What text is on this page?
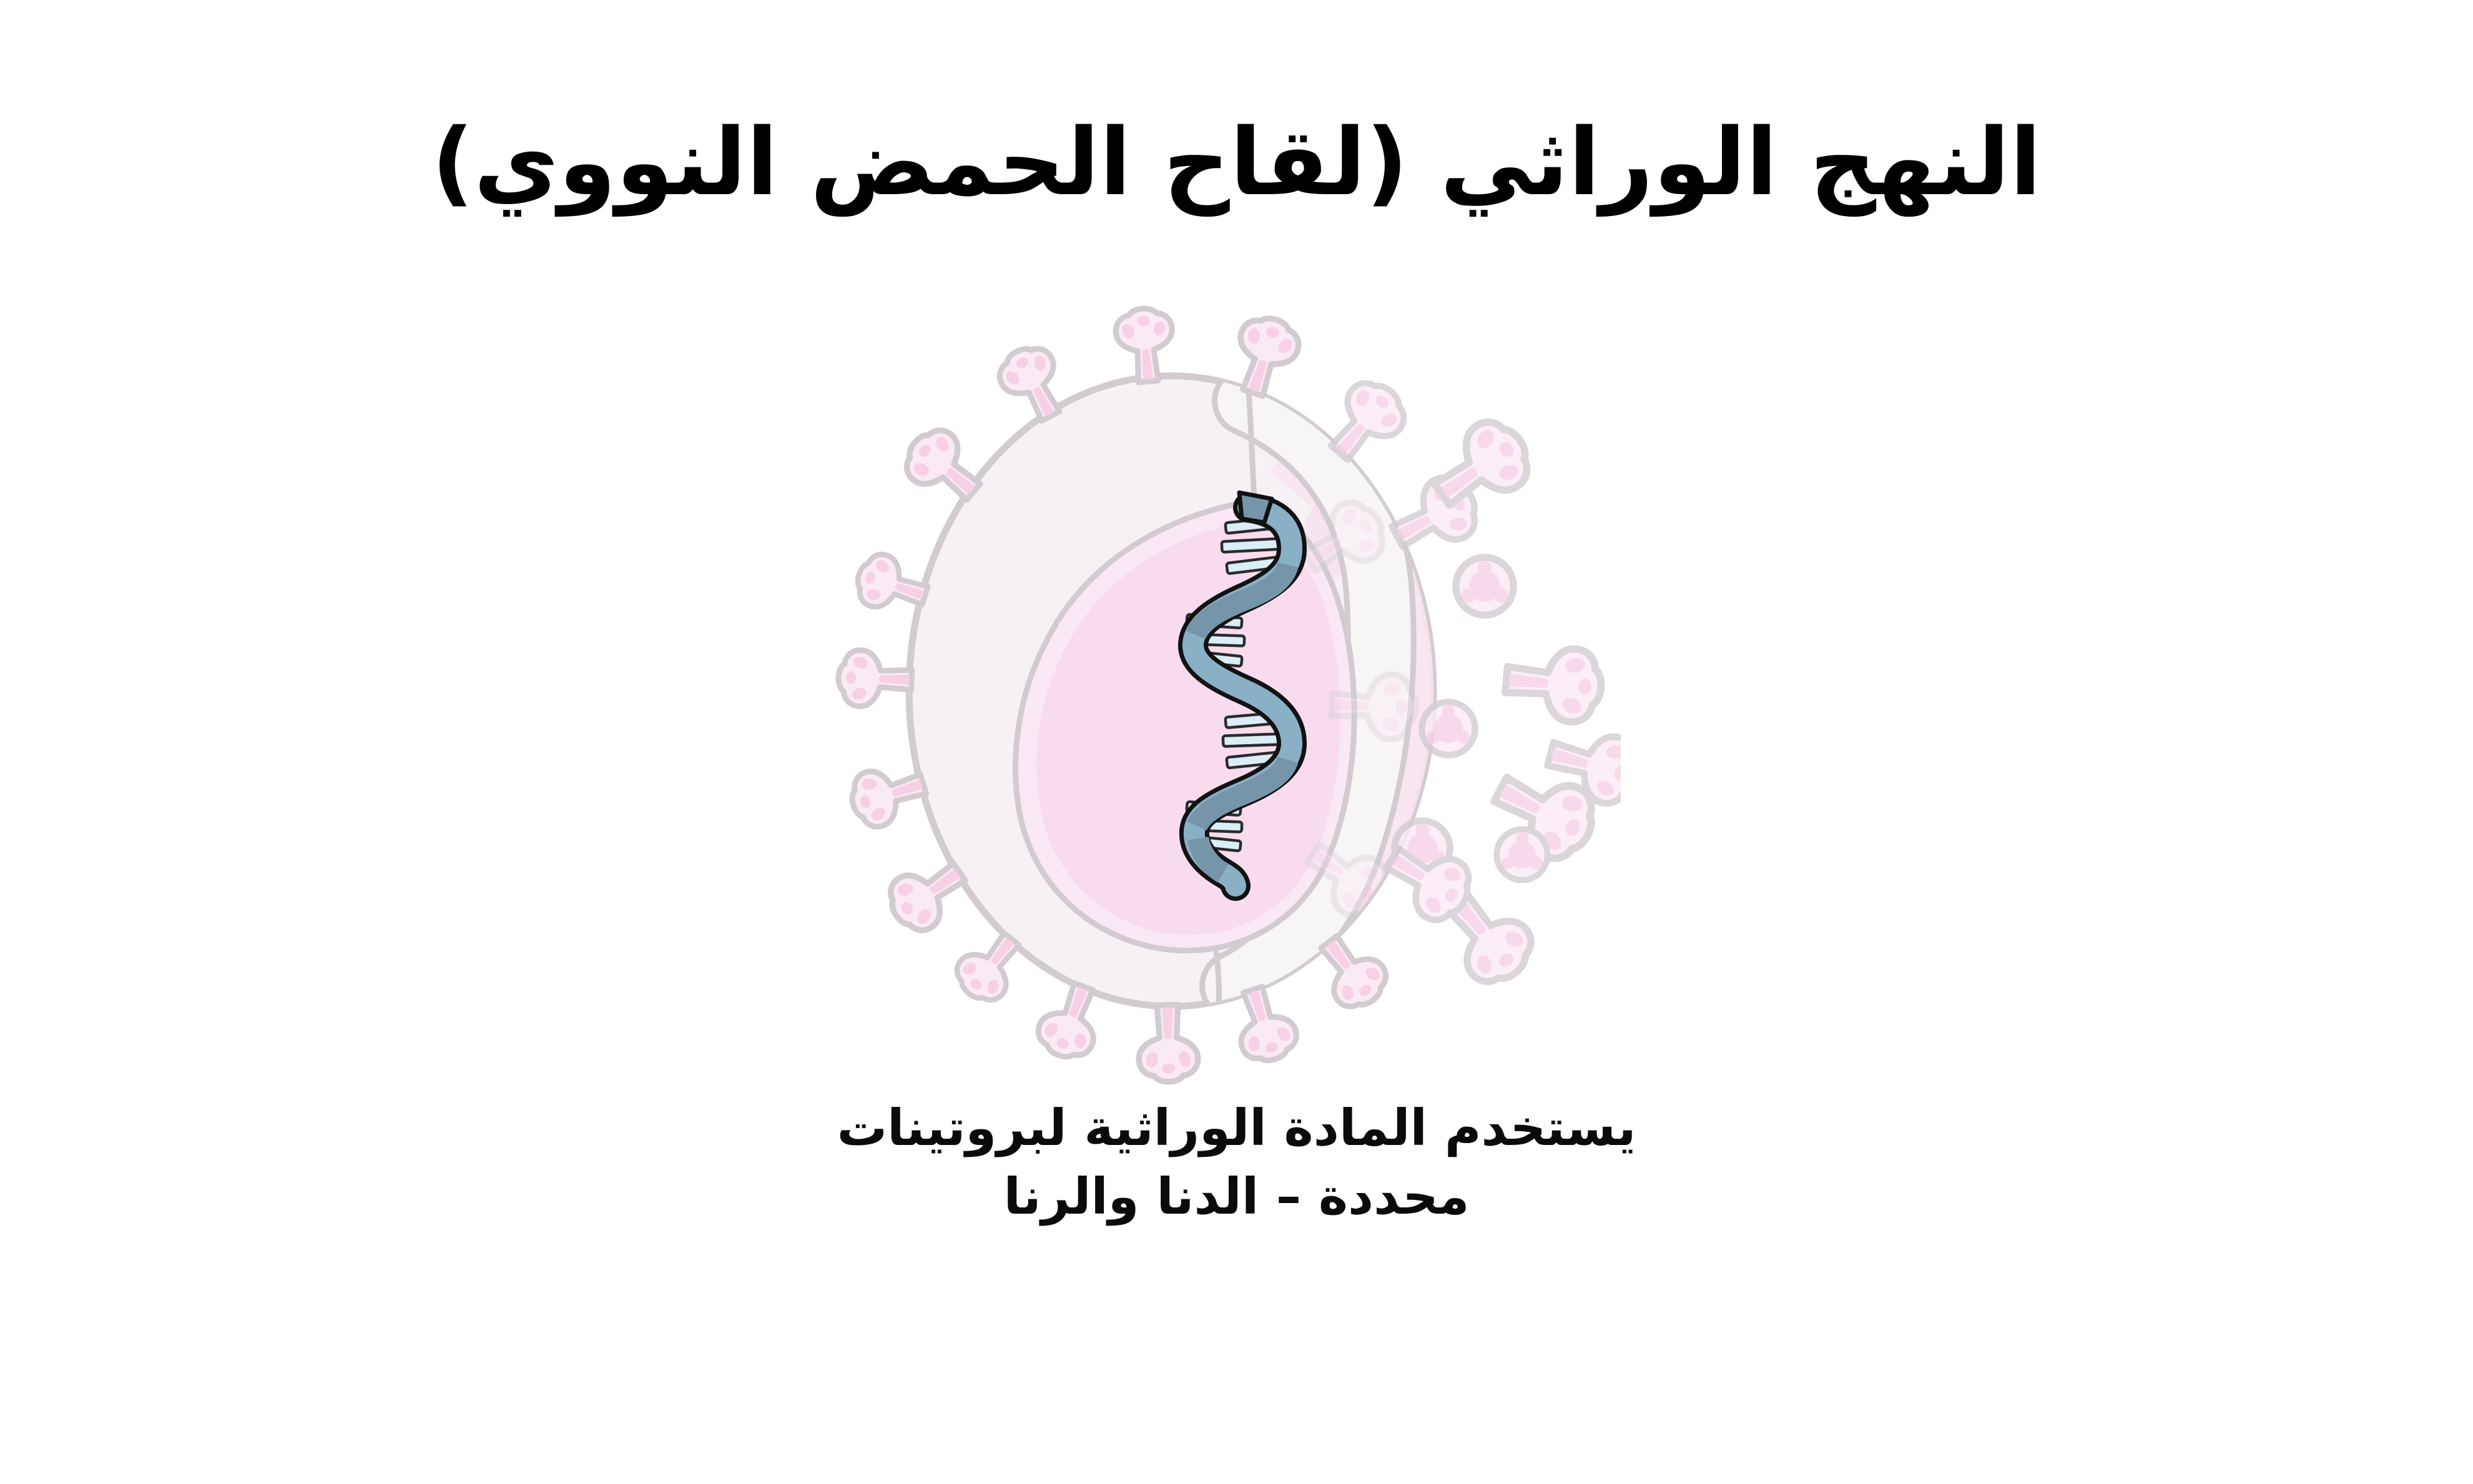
النهج الوراثي (لقاح الحمض النووي)
يستخدم المادة الوراثية لبروتينات
محددة – الدنا والرنا
